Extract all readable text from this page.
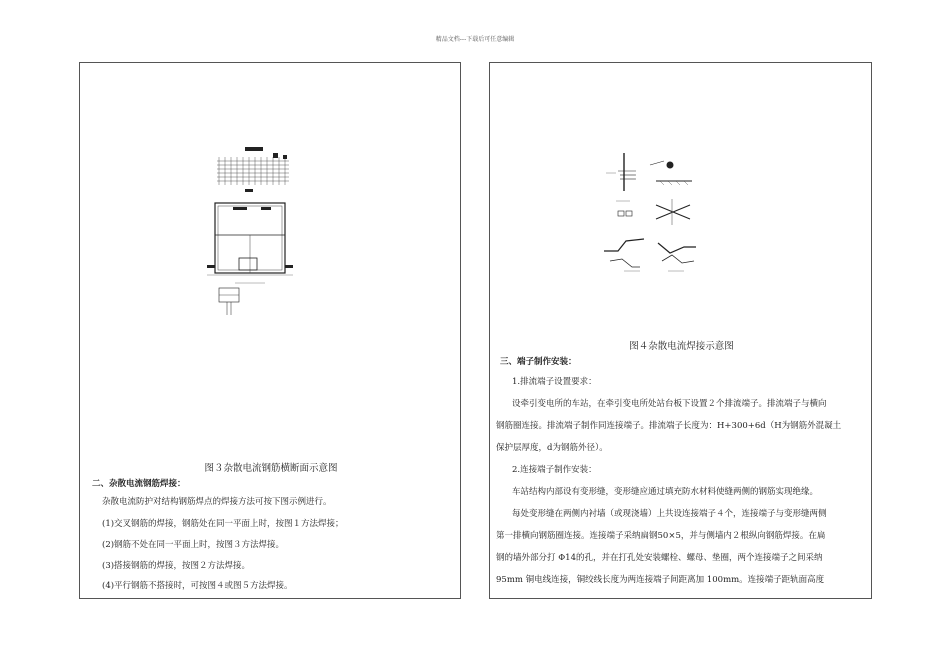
精品文档---下载后可任意编辑
图３杂散电流钢筋横断面示意图
二、杂散电流钢筋焊接：
杂散电流防护对结构钢筋焊点的焊接方法可按下图示例进行。
(1)交叉钢筋的焊接，钢筋处在同一平面上时，按图１方法焊接；
(2)钢筋不处在同一平面上时，按图３方法焊接。
(3)搭接钢筋的焊接，按图２方法焊接。
(4)平行钢筋不搭接时，可按图４或图５方法焊接。
图４杂散电流焊接示意图
三、端子制作安装：
1.排流端子设置要求：
设牵引变电所的车站，在牵引变电所处站台板下设置２个排流端子。排流端子与横向
钢筋圈连接。排流端子制作同连接端子。排流端子长度为：H+300+6d（H为钢筋外混凝土
保护层厚度，d为钢筋外径）。
2.连接端子制作安装：
车站结构内部设有变形缝，变形缝应通过填充防水材料使缝两侧的钢筋实现绝缘。
每处变形缝在两侧内衬墙（或现浇墙）上共设连接端子４个，连接端子与变形缝两侧
第一排横向钢筋圈连接。连接端子采纳扁钢50×5，并与侧墙内２根纵向钢筋焊接。在扁
钢的墙外部分打 Φ14的孔，并在打孔处安装螺栓、螺母、垫圈，两个连接端子之间采纳
95mm 铜电线连接，铜绞线长度为两连接端子间距离加 100mm。连接端子距轨面高度
